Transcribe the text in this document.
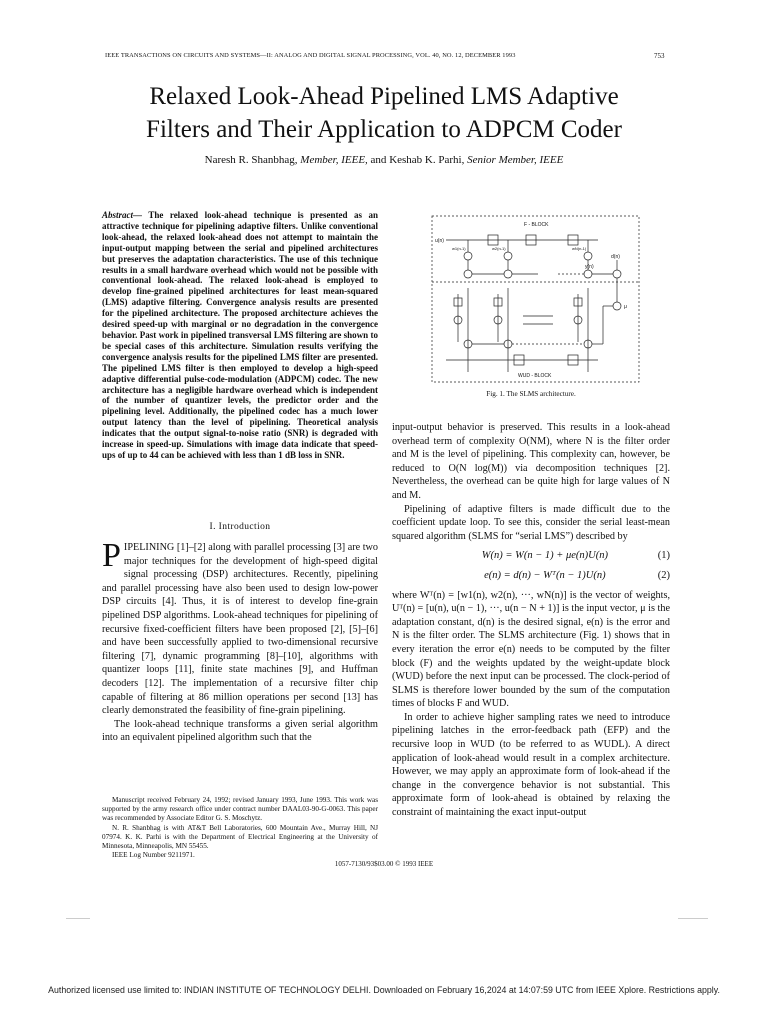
IEEE TRANSACTIONS ON CIRCUITS AND SYSTEMS—II: ANALOG AND DIGITAL SIGNAL PROCESSING, VOL. 40, NO. 12, DECEMBER 1993	753
Relaxed Look-Ahead Pipelined LMS Adaptive
Filters and Their Application to ADPCM Coder
Naresh R. Shanbhag, Member, IEEE, and Keshab K. Parhi, Senior Member, IEEE
Abstract— The relaxed look-ahead technique is presented as an attractive technique for pipelining adaptive filters. Unlike conventional look-ahead, the relaxed look-ahead does not attempt to maintain the input-output mapping between the serial and pipelined architectures but preserves the adaptation characteristics. The use of this technique results in a small hardware overhead which would not be possible with conventional look-ahead. The relaxed look-ahead is employed to develop fine-grained pipelined architectures for least mean-squared (LMS) adaptive filtering. Convergence analysis results are presented for the pipelined architecture. The proposed architecture achieves the desired speed-up with marginal or no degradation in the convergence behavior. Past work in pipelined transversal LMS filtering are shown to be special cases of this architecture. Simulation results verifying the convergence analysis results for the pipelined LMS filter are presented. The pipelined LMS filter is then employed to develop a high-speed adaptive differential pulse-code-modulation (ADPCM) codec. The new architecture has a negligible hardware overhead which is independent of the number of quantizer levels, the predictor order and the pipelining level. Additionally, the pipelined codec has a much lower output latency than the level of pipelining. Theoretical analysis indicates that the output signal-to-noise ratio (SNR) is degraded with increase in speed-up. Simulations with image data indicate that speed-ups of up to 44 can be achieved with less than 1 dB loss in SNR.
I. Introduction
P IPELINING [1]–[2] along with parallel processing [3] are two major techniques for the development of high-speed digital signal processing (DSP) architectures. Recently, pipelining and parallel processing have also been used to design low-power DSP circuits [4]. Thus, it is of interest to develop fine-grain pipelined DSP algorithms. Look-ahead techniques for pipelining of recursive fixed-coefficient filters have been proposed [2], [5]–[6] and have been successfully applied to two-dimensional recursive filtering [7], dynamic programming [8]–[10], algorithms with quantizer loops [11], finite state machines [9], and Huffman decoders [12]. The implementation of a recursive filter chip capable of filtering at 86 million operations per second [13] has clearly demonstrated the feasibility of fine-grain pipelining.
The look-ahead technique transforms a given serial algorithm into an equivalent pipelined algorithm such that the

Manuscript received February 24, 1992; revised January 1993, June 1993. This work was supported by the army research office under contract number DAAL03-90-G-0063. This paper was recommended by Associate Editor G. S. Moschytz.

N. R. Shanbhag is with AT&T Bell Laboratories, 600 Mountain Ave., Murray Hill, NJ 07974. K. K. Parhi is with the Department of Electrical Engineering at the University of Minnesota, Minneapolis, MN 55455.

IEEE Log Number 9211971.

F - BLOCK
WUD - BLOCK
u(n)
d(n)
y(n)
μ
w1(n-1)	w2(n-1)	wN(n-1)
Fig. 1. The SLMS architecture.

input-output behavior is preserved. This results in a look-ahead overhead term of complexity O(NM), where N is the filter order and M is the level of pipelining. This complexity can, however, be reduced to O(N log(M)) via decomposition techniques [2]. Nevertheless, the overhead can be quite high for large values of N and M.

Pipelining of adaptive filters is made difficult due to the coefficient update loop. To see this, consider the serial least-mean squared algorithm (SLMS for “serial LMS”) described by

W(n) = W(n − 1) + μe(n)U(n)	(1)
e(n) = d(n) − Wᵀ(n − 1)U(n)	(2)

where Wᵀ(n) = [w1(n), w2(n), ···, wN(n)] is the vector of weights, Uᵀ(n) = [u(n), u(n − 1), ···, u(n − N + 1)] is the input vector, μ is the adaptation constant, d(n) is the desired signal, e(n) is the error and N is the filter order. The SLMS architecture (Fig. 1) shows that in every iteration the error e(n) needs to be computed by the filter block (F) and the weights updated by the weight-update block (WUD) before the next input can be processed. The clock-period of SLMS is therefore lower bounded by the sum of the computation times of blocks F and WUD.

In order to achieve higher sampling rates we need to introduce pipelining latches in the error-feedback path (EFP) and the recursive loop in WUD (to be referred to as WUDL). A direct application of look-ahead would result in a complex architecture. However, we may apply an approximate form of look-ahead if the change in the convergence behavior is not substantial. This approximate form of look-ahead is obtained by relaxing the constraint of maintaining the exact input-output

1057-7130/93$03.00 © 1993 IEEE
Authorized licensed use limited to: INDIAN INSTITUTE OF TECHNOLOGY DELHI. Downloaded on February 16,2024 at 14:07:59 UTC from IEEE Xplore. Restrictions apply.
